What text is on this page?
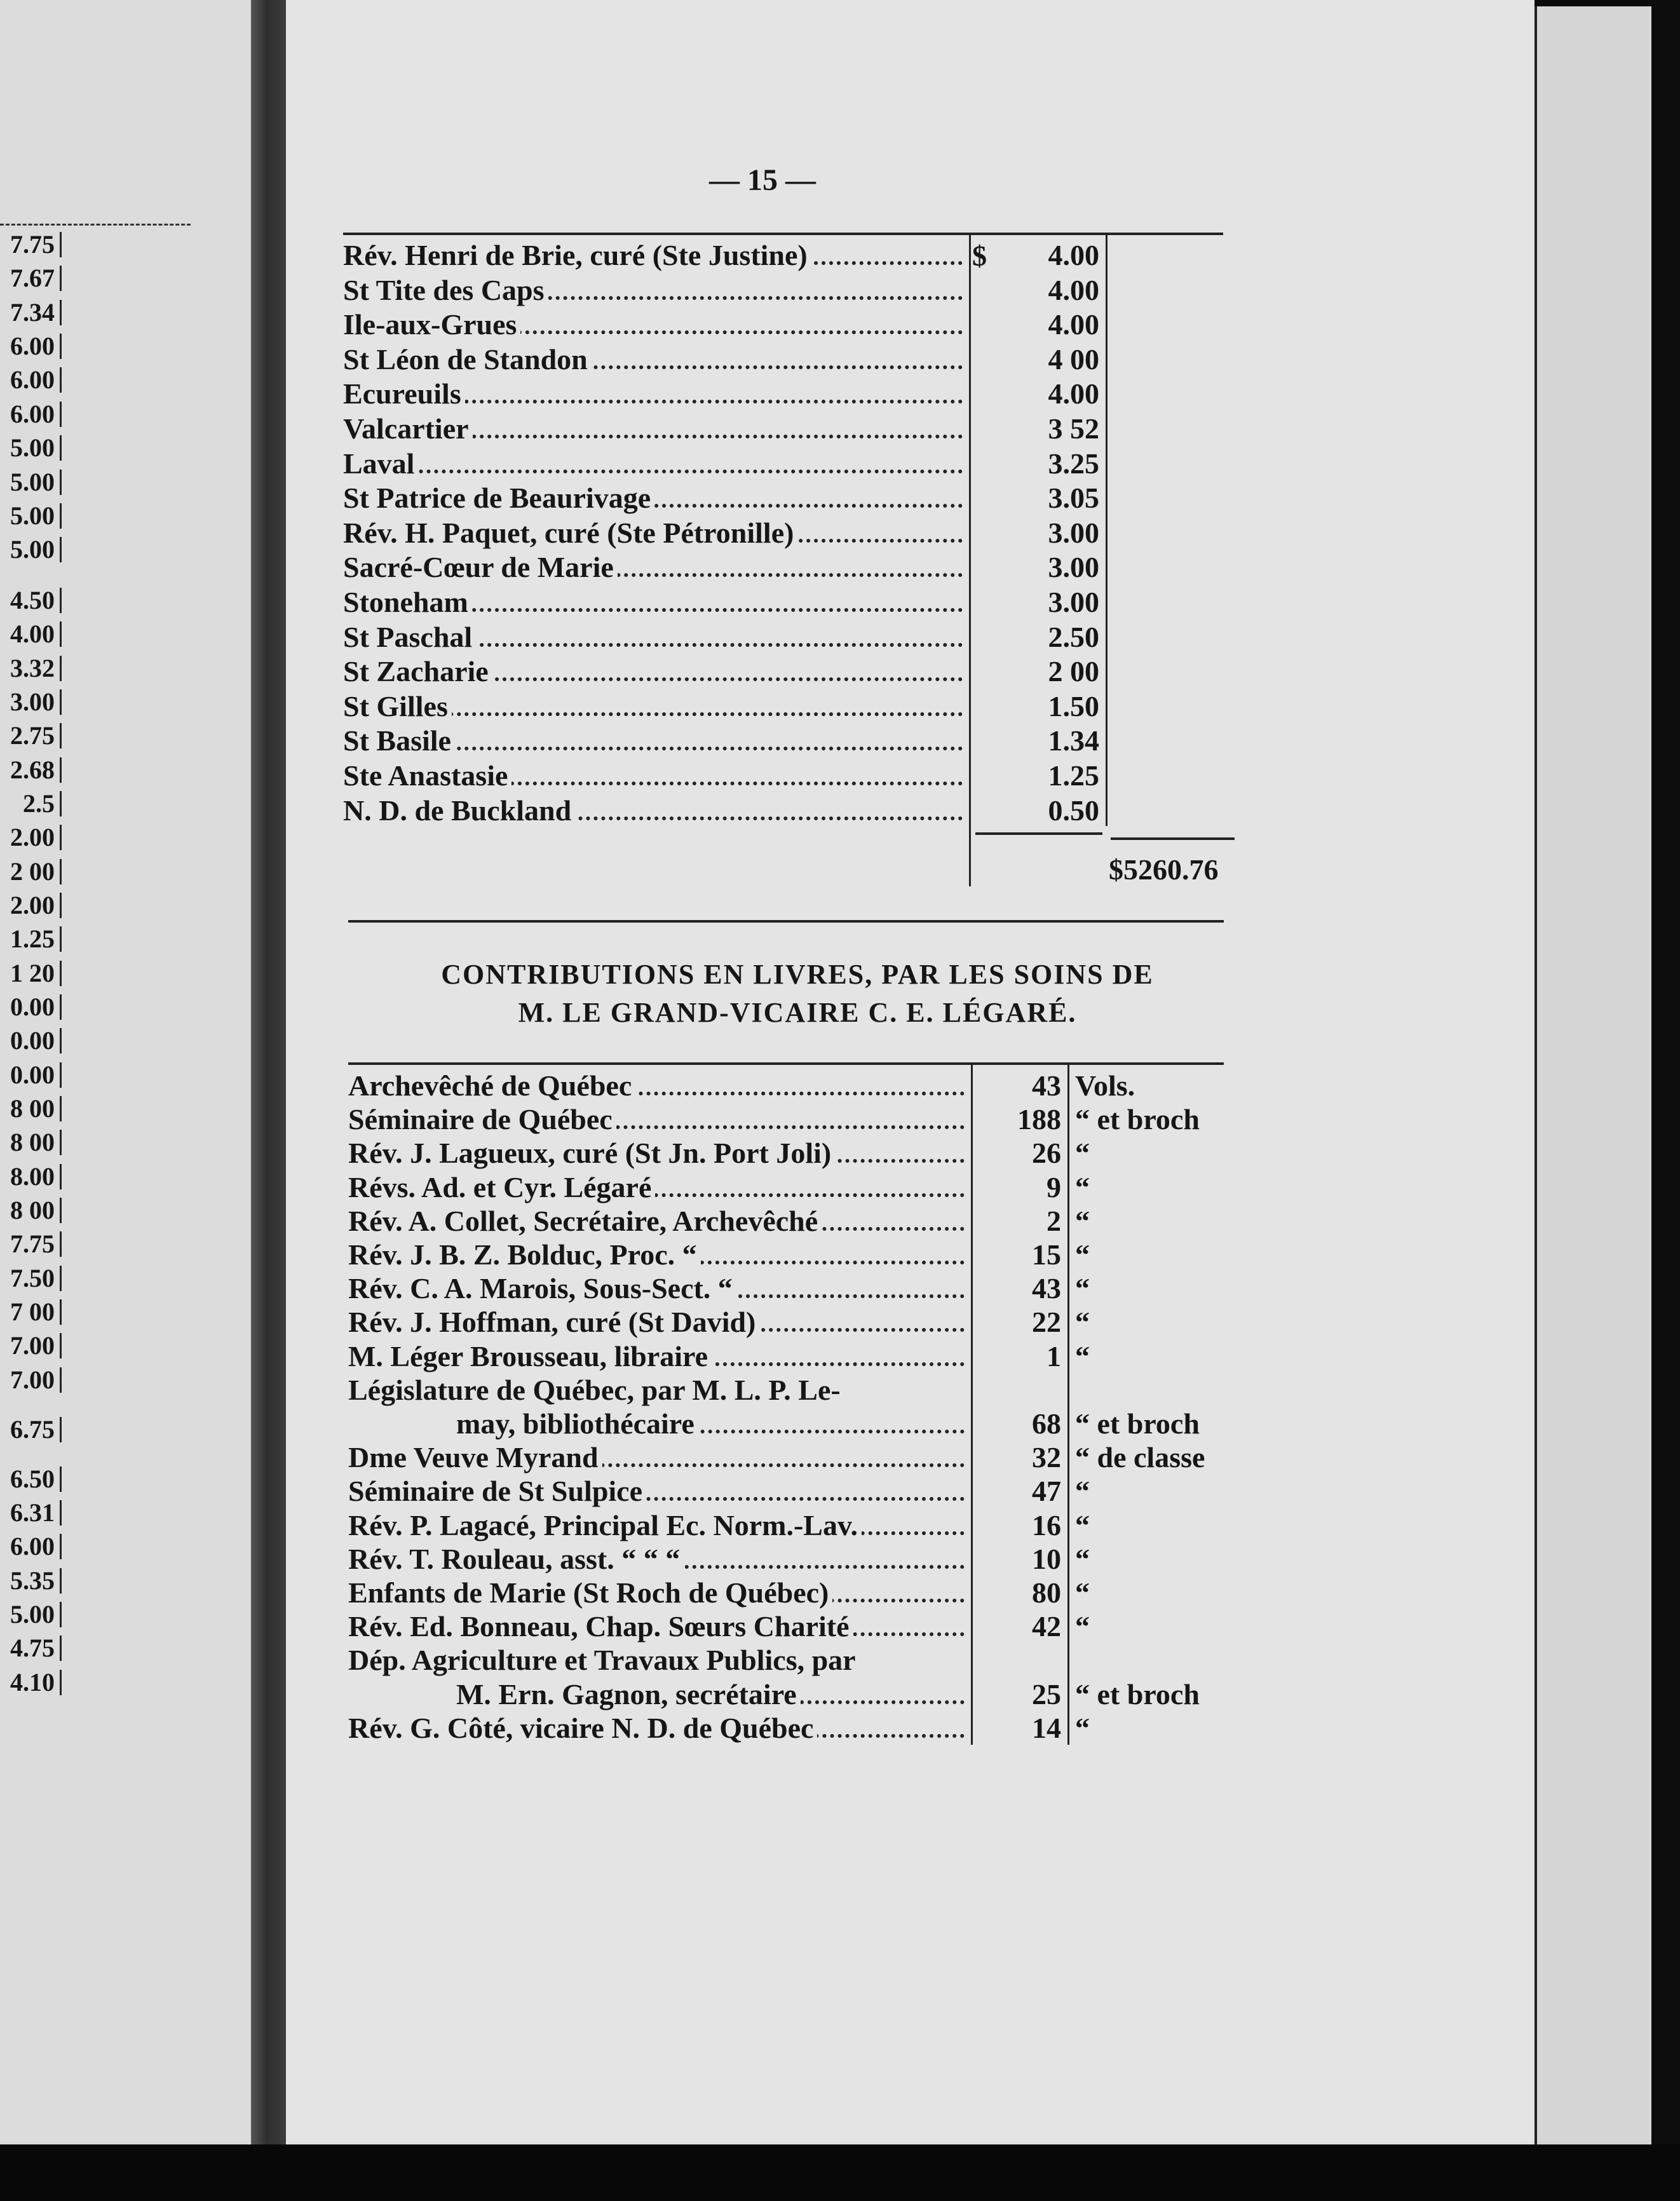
7.75
7.67
7.34
6.00
6.00
6.00
5.00
5.00
5.00
5.00
4.50
4.00
3.32
3.00
2.75
2.68
2.5
2.00
2 00
2.00
1.25
1 20
0.00
0.00
0.00
8 00
8 00
8.00
8 00
7.75
7.50
7 00
7.00
7.00
6.75
6.50
6.31
6.00
5.35
5.00
4.75
4.10
— 15 —
$
Rév. Henri de Brie, curé (Ste Justine)	4.00
St Tite des Caps	4.00
Ile-aux-Grues	4.00
St Léon de Standon	4 00
Ecureuils	4.00
Valcartier	3 52
Laval	3.25
St Patrice de Beaurivage	3.05
Rév. H. Paquet, curé (Ste Pétronille)	3.00
Sacré-Cœur de Marie	3.00
Stoneham	3.00
St Paschal	2.50
St Zacharie	2 00
St Gilles	1.50
St Basile	1.34
Ste Anastasie	1.25
N. D. de Buckland	0.50
$5260.76
CONTRIBUTIONS EN LIVRES, PAR LES SOINS DE
M. LE GRAND-VICAIRE C. E. LÉGARÉ.
Archevêché de Québec	43 Vols.
Séminaire de Québec	188 “ et broch
Rév. J. Lagueux, curé (St Jn. Port Joli)	26 “
Révs. Ad. et Cyr. Légaré	9 “
Rév. A. Collet, Secrétaire, Archevêché	2 “
Rév. J. B. Z. Bolduc, Proc. “	15 “
Rév. C. A. Marois, Sous-Sect. “	43 “
Rév. J. Hoffman, curé (St David)	22 “
M. Léger Brousseau, libraire	1 “
Législature de Québec, par M. L. P. Le-
may, bibliothécaire	68 “ et broch
Dme Veuve Myrand	32 “ de classe
Séminaire de St Sulpice	47 “
Rév. P. Lagacé, Principal Ec. Norm.-Lav.	16 “
Rév. T. Rouleau, asst. “ “ “	10 “
Enfants de Marie (St Roch de Québec)	80 “
Rév. Ed. Bonneau, Chap. Sœurs Charité	42 “
Dép. Agriculture et Travaux Publics, par
M. Ern. Gagnon, secrétaire	25 “ et broch
Rév. G. Côté, vicaire N. D. de Québec	14 “
